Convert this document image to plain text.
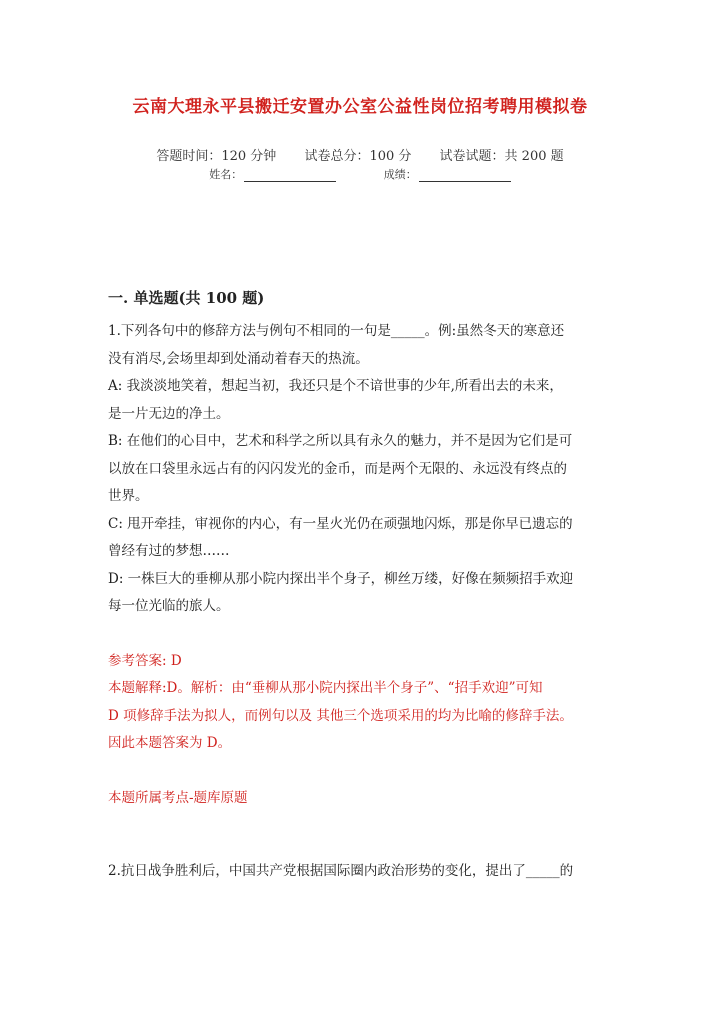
云南大理永平县搬迁安置办公室公益性岗位招考聘用模拟卷
答题时间：120 分钟 试卷总分：100 分 试卷试题：共 200 题
姓名：	成绩：
一. 单选题(共 100 题)

1.下列各句中的修辞方法与例句不相同的一句是_____。例:虽然冬天的寒意还

没有消尽,会场里却到处涌动着春天的热流。

A: 我淡淡地笑着，想起当初，我还只是个不谙世事的少年,所看出去的未来，

是一片无边的净土。

B: 在他们的心目中，艺术和科学之所以具有永久的魅力，并不是因为它们是可

以放在口袋里永远占有的闪闪发光的金币，而是两个无限的、永远没有终点的

世界。

C: 甩开牵挂，审视你的内心，有一星火光仍在顽强地闪烁，那是你早已遗忘的

曾经有过的梦想……

D: 一株巨大的垂柳从那小院内探出半个身子，柳丝万缕，好像在频频招手欢迎

每一位光临的旅人。

参考答案: D

本题解释:D。解析：由“垂柳从那小院内探出半个身子”、“招手欢迎”可知

D 项修辞手法为拟人，而例句以及 其他三个选项采用的均为比喻的修辞手法。

因此本题答案为 D。

本题所属考点-题库原题

2.抗日战争胜利后，中国共产党根据国际圈内政治形势的变化，提出了_____的
